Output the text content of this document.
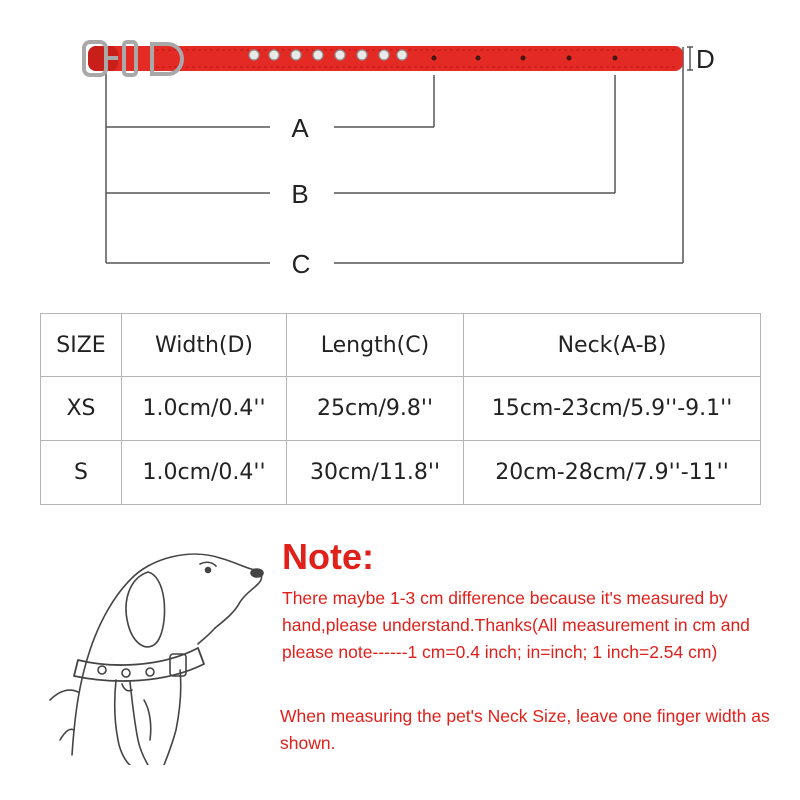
A
B
C
D
SIZE	Width(D)	Length(C)	Neck(A-B)
XS	1.0cm/0.4''	25cm/9.8''	15cm-23cm/5.9''-9.1''
S	1.0cm/0.4''	30cm/11.8''	20cm-28cm/7.9''-11''
Note:

There maybe 1-3 cm difference because it's measured by hand,please understand.Thanks(All measurement in cm and please note------1 cm=0.4 inch; in=inch; 1 inch=2.54 cm)

When measuring the pet's Neck Size, leave one finger width as shown.
